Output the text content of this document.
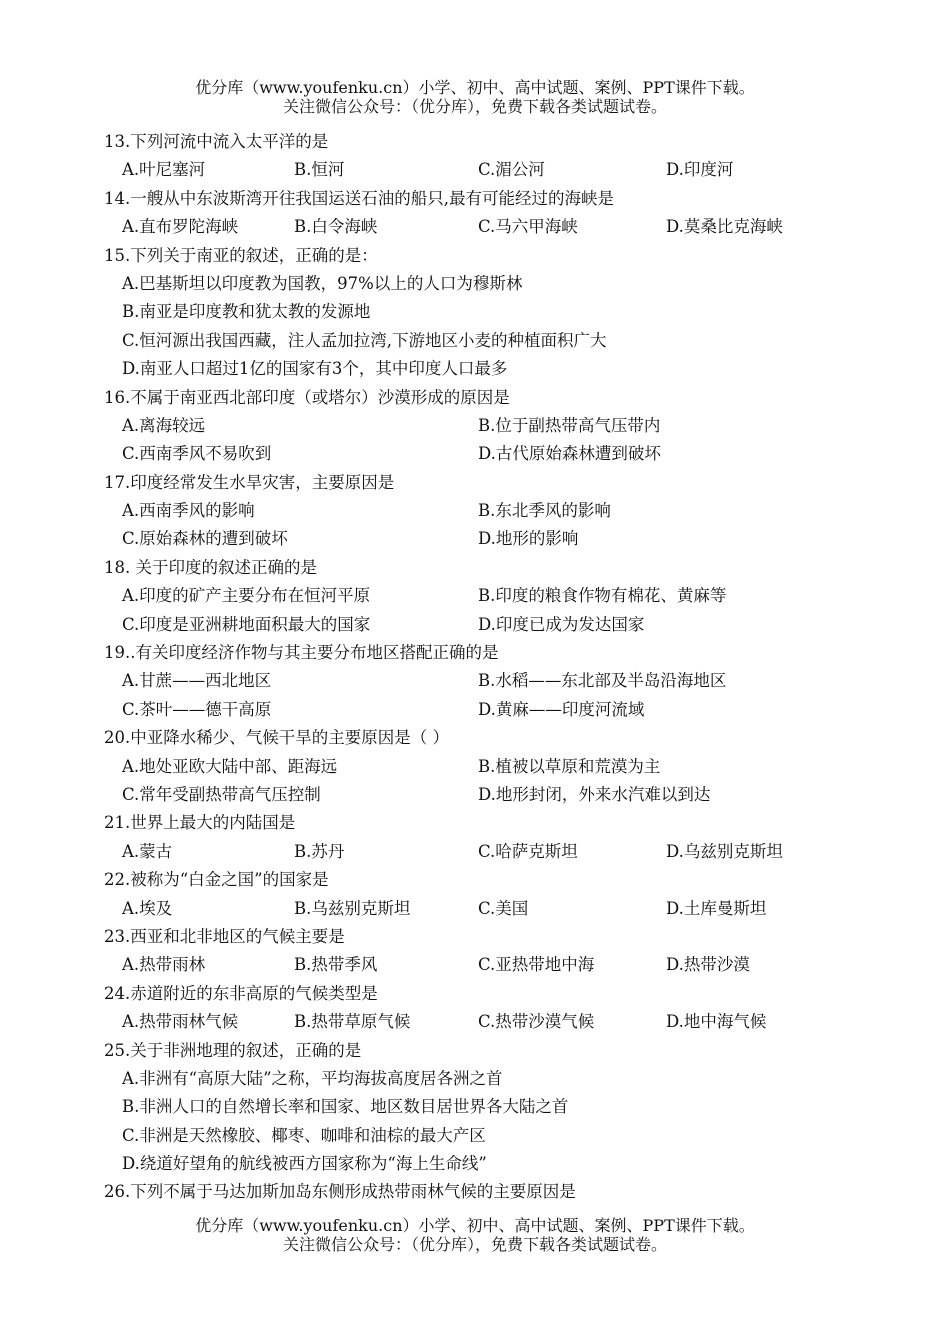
优分库（www.youfenku.cn）小学、初中、高中试题、案例、PPT课件下载。
关注微信公众号：（优分库），免费下载各类试题试卷。
13.下列河流中流入太平洋的是
A.叶尼塞河	B.恒河	C.湄公河	D.印度河
14.一艘从中东波斯湾开往我国运送石油的船只,最有可能经过的海峡是
A.直布罗陀海峡	B.白令海峡	C.马六甲海峡	D.莫桑比克海峡
15.下列关于南亚的叙述，正确的是：
A.巴基斯坦以印度教为国教，97%以上的人口为穆斯林
B.南亚是印度教和犹太教的发源地
C.恒河源出我国西藏，注人孟加拉湾,下游地区小麦的种植面积广大
D.南亚人口超过1亿的国家有3个，其中印度人口最多
16.不属于南亚西北部印度（或塔尔）沙漠形成的原因是
A.离海较远	B.位于副热带高气压带内
C.西南季风不易吹到	D.古代原始森林遭到破坏
17.印度经常发生水旱灾害，主要原因是
A.西南季风的影响	B.东北季风的影响
C.原始森林的遭到破坏	D.地形的影响
18. 关于印度的叙述正确的是
A.印度的矿产主要分布在恒河平原	B.印度的粮食作物有棉花、黄麻等
C.印度是亚洲耕地面积最大的国家	D.印度已成为发达国家
19..有关印度经济作物与其主要分布地区搭配正确的是
A.甘蔗——西北地区	B.水稻——东北部及半岛沿海地区
C.茶叶——德干高原	D.黄麻——印度河流域
20.中亚降水稀少、气候干旱的主要原因是（ ）
A.地处亚欧大陆中部、距海远	B.植被以草原和荒漠为主
C.常年受副热带高气压控制	D.地形封闭，外来水汽难以到达
21.世界上最大的内陆国是
A.蒙古	B.苏丹	C.哈萨克斯坦	D.乌兹别克斯坦
22.被称为“白金之国”的国家是
A.埃及	B.乌兹别克斯坦	C.美国	D.土库曼斯坦
23.西亚和北非地区的气候主要是
A.热带雨林	B.热带季风	C.亚热带地中海	D.热带沙漠
24.赤道附近的东非高原的气候类型是
A.热带雨林气候	B.热带草原气候	C.热带沙漠气候	D.地中海气候
25.关于非洲地理的叙述，正确的是
A.非洲有“高原大陆”之称，平均海拔高度居各洲之首
B.非洲人口的自然增长率和国家、地区数目居世界各大陆之首
C.非洲是天然橡胶、椰枣、咖啡和油棕的最大产区
D.绕道好望角的航线被西方国家称为“海上生命线”
26.下列不属于马达加斯加岛东侧形成热带雨林气候的主要原因是
优分库（www.youfenku.cn）小学、初中、高中试题、案例、PPT课件下载。
关注微信公众号：（优分库），免费下载各类试题试卷。
